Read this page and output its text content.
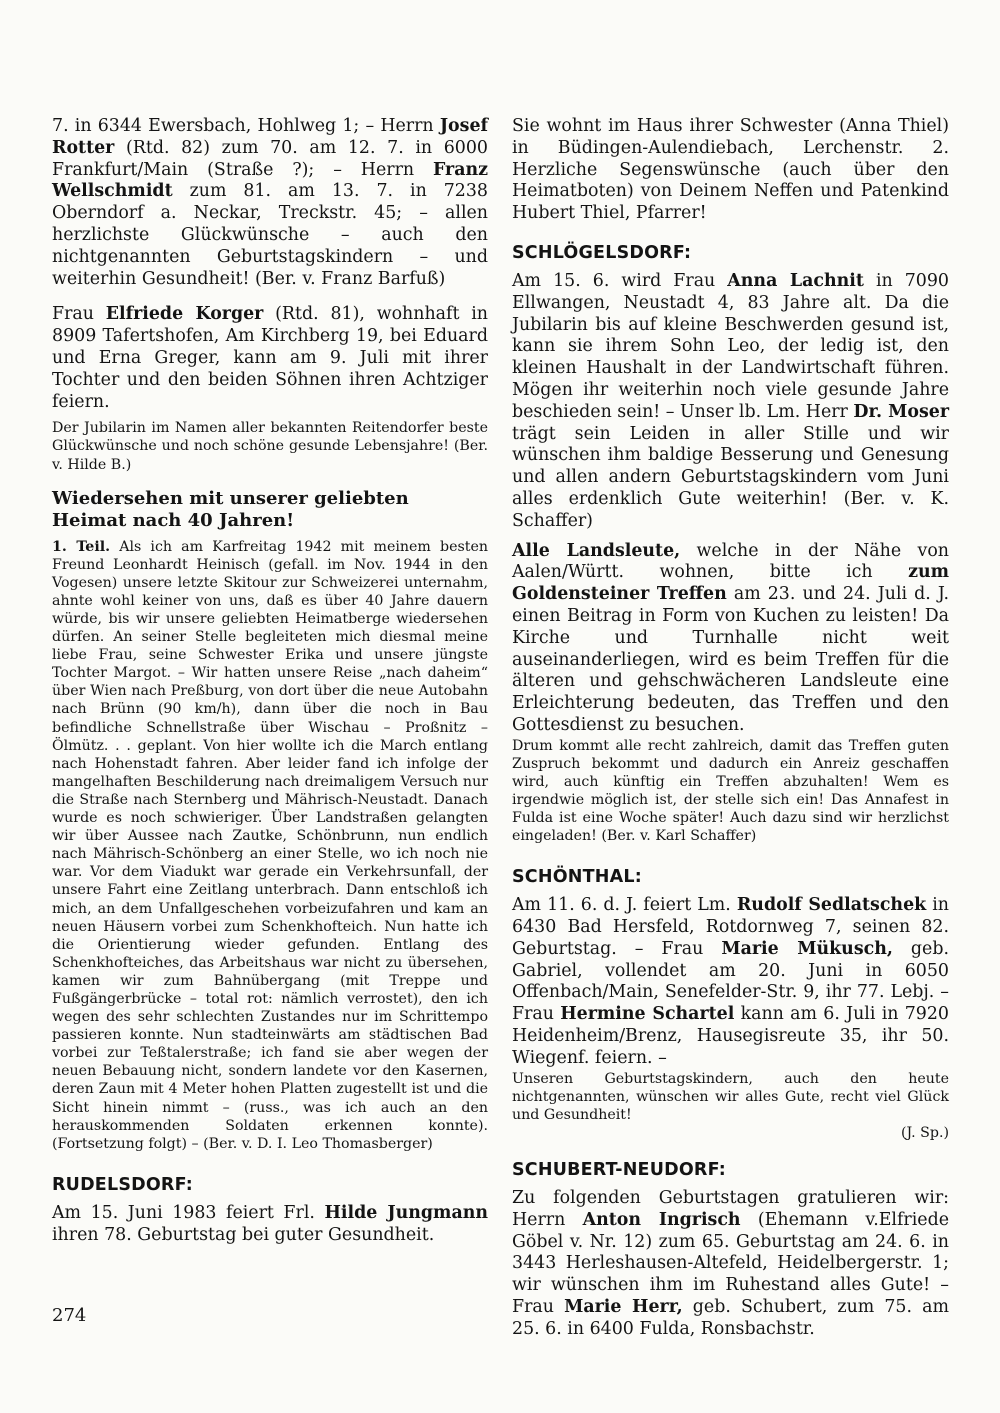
7. in 6344 Ewersbach, Hohlweg 1; – Herrn Josef Rotter (Rtd. 82) zum 70. am 12. 7. in 6000 Frankfurt/Main (Straße ?); – Herrn Franz Wellschmidt zum 81. am 13. 7. in 7238 Oberndorf a. Neckar, Treckstr. 45; – allen herzlichste Glückwünsche – auch den nichtgenannten Geburtstagskindern – und weiterhin Gesundheit! (Ber. v. Franz Barfuß)

Frau Elfriede Korger (Rtd. 81), wohnhaft in 8909 Tafertshofen, Am Kirchberg 19, bei Eduard und Erna Greger, kann am 9. Juli mit ihrer Tochter und den beiden Söhnen ihren Achtziger feiern.

Der Jubilarin im Namen aller bekannten Reitendorfer beste Glückwünsche und noch schöne gesunde Lebensjahre! (Ber. v. Hilde B.)

Wiedersehen mit unserer geliebten Heimat nach 40 Jahren!

1. Teil. Als ich am Karfreitag 1942 mit meinem besten Freund Leonhardt Heinisch (gefall. im Nov. 1944 in den Vogesen) unsere letzte Skitour zur Schweizerei unternahm, ahnte wohl keiner von uns, daß es über 40 Jahre dauern würde, bis wir unsere geliebten Heimatberge wiedersehen dürfen. An seiner Stelle begleiteten mich diesmal meine liebe Frau, seine Schwester Erika und unsere jüngste Tochter Margot. – Wir hatten unsere Reise „nach daheim“ über Wien nach Preßburg, von dort über die neue Autobahn nach Brünn (90 km/h), dann über die noch in Bau befindliche Schnellstraße über Wischau – Proßnitz – Ölmütz. . . geplant. Von hier wollte ich die March entlang nach Hohenstadt fahren. Aber leider fand ich infolge der mangelhaften Beschilderung nach dreimaligem Versuch nur die Straße nach Sternberg und Mährisch-Neustadt. Danach wurde es noch schwieriger. Über Landstraßen gelangten wir über Aussee nach Zautke, Schönbrunn, nun endlich nach Mährisch-Schönberg an einer Stelle, wo ich noch nie war. Vor dem Viadukt war gerade ein Verkehrsunfall, der unsere Fahrt eine Zeitlang unterbrach. Dann entschloß ich mich, an dem Unfallgeschehen vorbeizufahren und kam an neuen Häusern vorbei zum Schenkhofteich. Nun hatte ich die Orientierung wieder gefunden. Entlang des Schenkhofteiches, das Arbeitshaus war nicht zu übersehen, kamen wir zum Bahnübergang (mit Treppe und Fußgängerbrücke – total rot: nämlich verrostet), den ich wegen des sehr schlechten Zustandes nur im Schrittempo passieren konnte. Nun stadteinwärts am städtischen Bad vorbei zur Teßtalerstraße; ich fand sie aber wegen der neuen Bebauung nicht, sondern landete vor den Kasernen, deren Zaun mit 4 Meter hohen Platten zugestellt ist und die Sicht hinein nimmt – (russ., was ich auch an den herauskommenden Soldaten erkennen konnte). (Fortsetzung folgt) – (Ber. v. D. I. Leo Thomasberger)

RUDELSDORF:

Am 15. Juni 1983 feiert Frl. Hilde Jungmann ihren 78. Geburtstag bei guter Gesundheit.

Sie wohnt im Haus ihrer Schwester (Anna Thiel) in Büdingen-Aulendiebach, Lerchenstr. 2. Herzliche Segenswünsche (auch über den Heimatboten) von Deinem Neffen und Patenkind Hubert Thiel, Pfarrer!

SCHLÖGELSDORF:

Am 15. 6. wird Frau Anna Lachnit in 7090 Ellwangen, Neustadt 4, 83 Jahre alt. Da die Jubilarin bis auf kleine Beschwerden gesund ist, kann sie ihrem Sohn Leo, der ledig ist, den kleinen Haushalt in der Landwirtschaft führen. Mögen ihr weiterhin noch viele gesunde Jahre beschieden sein! – Unser lb. Lm. Herr Dr. Moser trägt sein Leiden in aller Stille und wir wünschen ihm baldige Besserung und Genesung und allen andern Geburtstagskindern vom Juni alles erdenklich Gute weiterhin! (Ber. v. K. Schaffer)

Alle Landsleute, welche in der Nähe von Aalen/Württ. wohnen, bitte ich zum Goldensteiner Treffen am 23. und 24. Juli d. J. einen Beitrag in Form von Kuchen zu leisten! Da Kirche und Turnhalle nicht weit auseinanderliegen, wird es beim Treffen für die älteren und gehschwächeren Landsleute eine Erleichterung bedeuten, das Treffen und den Gottesdienst zu besuchen.

Drum kommt alle recht zahlreich, damit das Treffen guten Zuspruch bekommt und dadurch ein Anreiz geschaffen wird, auch künftig ein Treffen abzuhalten! Wem es irgendwie möglich ist, der stelle sich ein! Das Annafest in Fulda ist eine Woche später! Auch dazu sind wir herzlichst eingeladen! (Ber. v. Karl Schaffer)

SCHÖNTHAL:

Am 11. 6. d. J. feiert Lm. Rudolf Sedlatschek in 6430 Bad Hersfeld, Rotdornweg 7, seinen 82. Geburtstag. – Frau Marie Mükusch, geb. Gabriel, vollendet am 20. Juni in 6050 Offenbach/Main, Senefelder-Str. 9, ihr 77. Lebj. – Frau Hermine Schartel kann am 6. Juli in 7920 Heidenheim/Brenz, Hausegisreute 35, ihr 50. Wiegenf. feiern. –

Unseren Geburtstagskindern, auch den heute nichtgenannten, wünschen wir alles Gute, recht viel Glück und Gesundheit!

(J. Sp.)

SCHUBERT-NEUDORF:

Zu folgenden Geburtstagen gratulieren wir: Herrn Anton Ingrisch (Ehemann v.Elfriede Göbel v. Nr. 12) zum 65. Geburtstag am 24. 6. in 3443 Herleshausen-Altefeld, Heidelbergerstr. 1; wir wünschen ihm im Ruhestand alles Gute! – Frau Marie Herr, geb. Schubert, zum 75. am 25. 6. in 6400 Fulda, Ronsbachstr.

274
